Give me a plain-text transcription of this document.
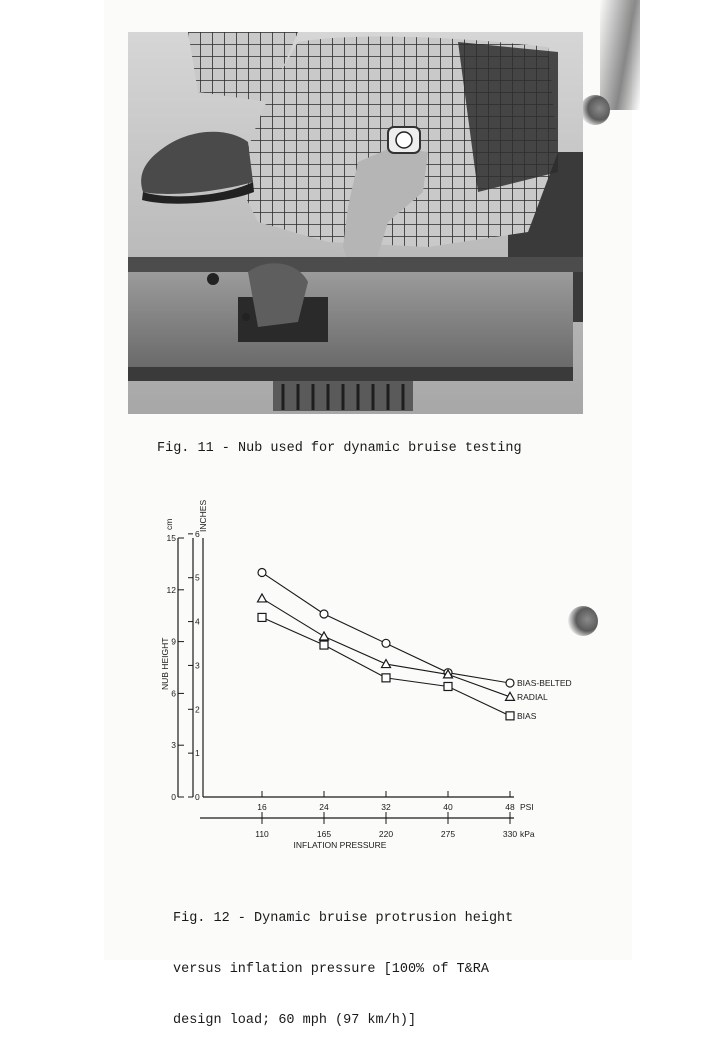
Fig. 11 - Nub used for dynamic bruise testing
0
3
6
9
12
15
0
1
2
3
4
5
6
cm	INCHES
NUB HEIGHT
16
110
24
165
32
220
40
275
48
330
PSI
kPa
INFLATION PRESSURE
BIAS-BELTED
RADIAL
BIAS

Fig. 12 - Dynamic bruise protrusion height

versus inflation pressure [100% of T&RA

design load; 60 mph (97 km/h)]
